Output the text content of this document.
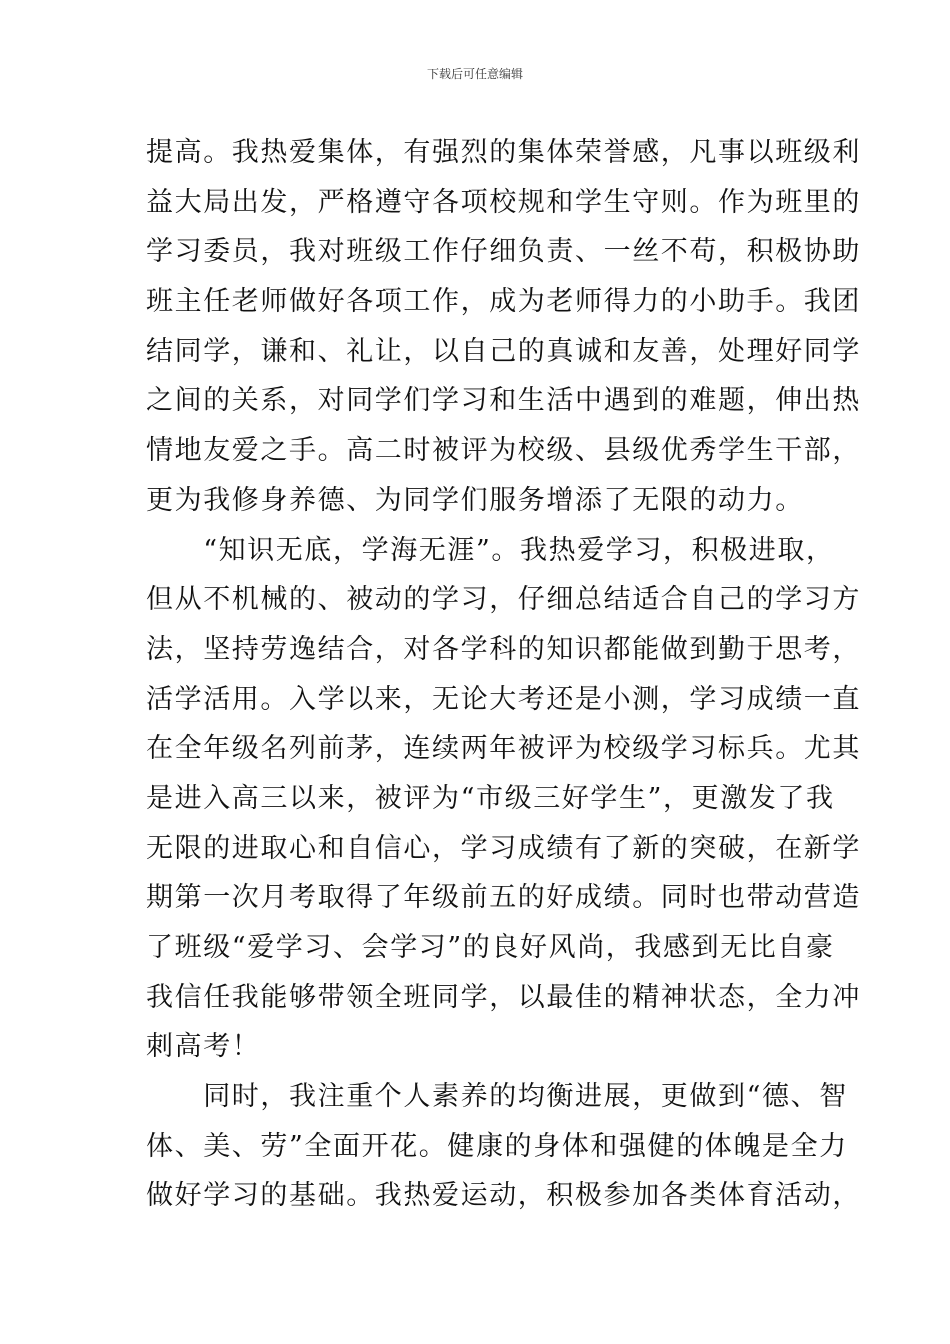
下载后可任意编辑
提高。我热爱集体，有强烈的集体荣誉感，凡事以班级利
益大局出发，严格遵守各项校规和学生守则。作为班里的
学习委员，我对班级工作仔细负责、一丝不苟，积极协助
班主任老师做好各项工作，成为老师得力的小助手。我团
结同学，谦和、礼让，以自己的真诚和友善，处理好同学
之间的关系，对同学们学习和生活中遇到的难题，伸出热
情地友爱之手。高二时被评为校级、县级优秀学生干部，
更为我修身养德、为同学们服务增添了无限的动力。
　　“知识无底，学海无涯”。我热爱学习，积极进取，
但从不机械的、被动的学习，仔细总结适合自己的学习方
法，坚持劳逸结合，对各学科的知识都能做到勤于思考，
活学活用。入学以来，无论大考还是小测，学习成绩一直
在全年级名列前茅，连续两年被评为校级学习标兵。尤其
是进入高三以来，被评为“市级三好学生”，更激发了我
无限的进取心和自信心，学习成绩有了新的突破，在新学
期第一次月考取得了年级前五的好成绩。同时也带动营造
了班级“爱学习、会学习”的良好风尚，我感到无比自豪
我信任我能够带领全班同学，以最佳的精神状态，全力冲
刺高考！
　　同时，我注重个人素养的均衡进展，更做到“德、智
体、美、劳”全面开花。健康的身体和强健的体魄是全力
做好学习的基础。我热爱运动，积极参加各类体育活动，
